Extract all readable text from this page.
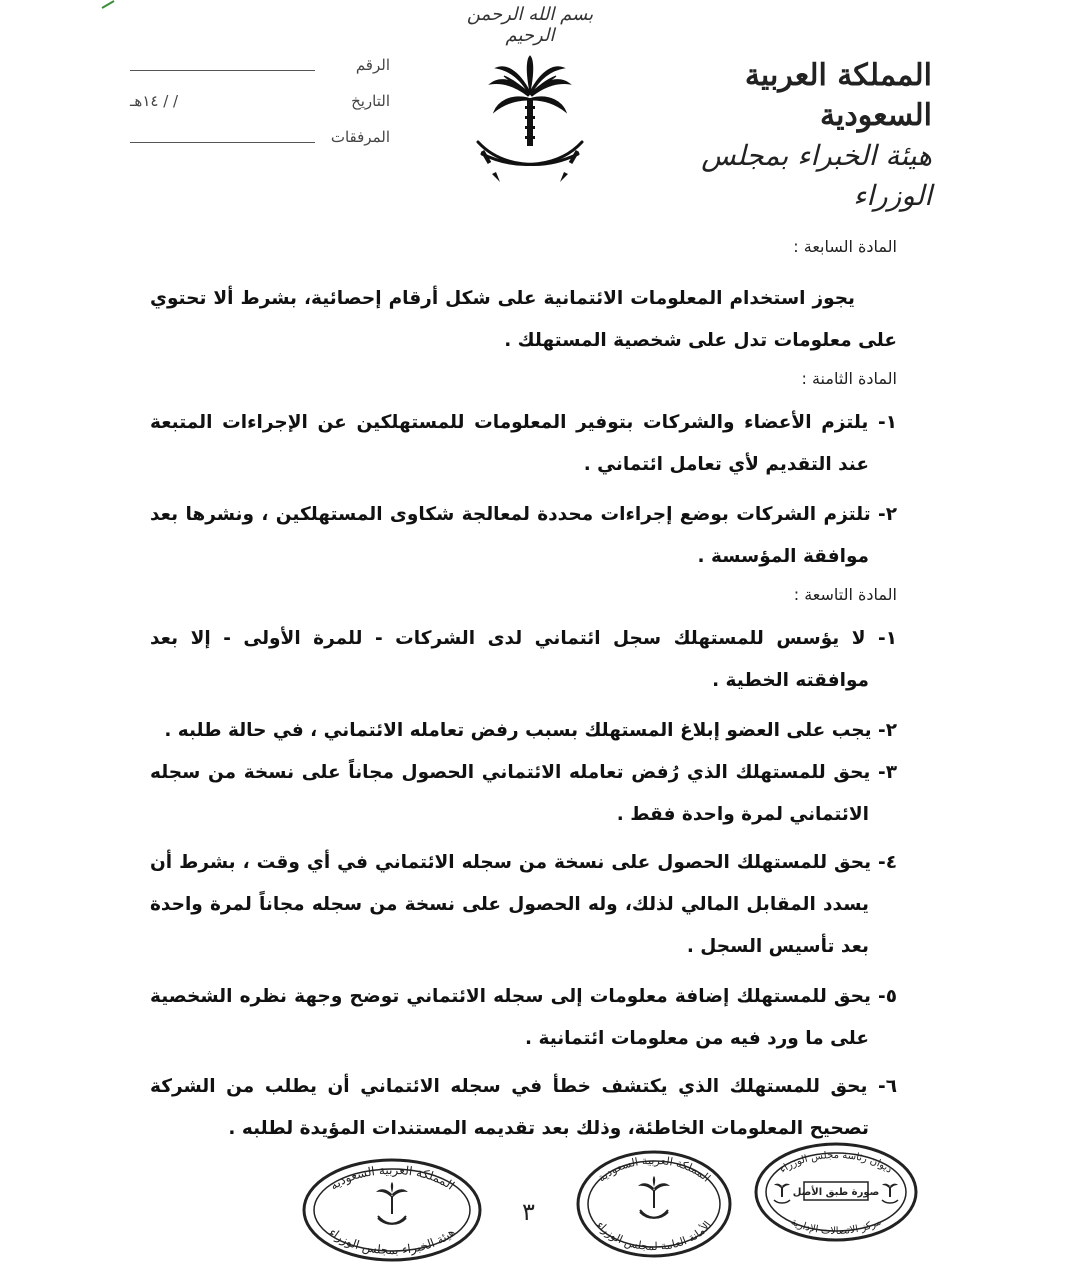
بسم الله الرحمن الرحيم
المملكة العربية السعودية
هيئة الخبراء بمجلس الوزراء
الرقم
التاريخ
/ / ١٤هـ
المرفقات
المادة السابعة :
يجوز استخدام المعلومات الائتمانية على شكل أرقام إحصائية، بشرط ألا تحتوي على معلومات تدل على شخصية المستهلك .
المادة الثامنة :
١- يلتزم الأعضاء والشركات بتوفير المعلومات للمستهلكين عن الإجراءات المتبعة عند التقديم لأي تعامل ائتماني .
٢- تلتزم الشركات بوضع إجراءات محددة لمعالجة شكاوى المستهلكين ، ونشرها بعد موافقة المؤسسة .
المادة التاسعة :
١- لا يؤسس للمستهلك سجل ائتماني لدى الشركات - للمرة الأولى - إلا بعد موافقته الخطية .
٢- يجب على العضو إبلاغ المستهلك بسبب رفض تعامله الائتماني ، في حالة طلبه .
٣- يحق للمستهلك الذي رُفض تعامله الائتماني الحصول مجاناً على نسخة من سجله الائتماني لمرة واحدة فقط .
٤- يحق للمستهلك الحصول على نسخة من سجله الائتماني في أي وقت ، بشرط أن يسدد المقابل المالي لذلك، وله الحصول على نسخة من سجله مجاناً لمرة واحدة بعد تأسيس السجل .
٥- يحق للمستهلك إضافة معلومات إلى سجله الائتماني توضح وجهة نظره الشخصية على ما ورد فيه من معلومات ائتمانية .
٦- يحق للمستهلك الذي يكتشف خطأ في سجله الائتماني أن يطلب من الشركة تصحيح المعلومات الخاطئة، وذلك بعد تقديمه المستندات المؤيدة لطلبه .
٣
المملكة العربية السعودية
هيئة الخبراء بمجلس الوزراء
المملكة العربية السعودية
الأمانة العامة لمجلس الوزراء
ديوان رئاسة مجلس الوزراء
صورة طبق الأصل
مركز الاتصالات الإدارية
